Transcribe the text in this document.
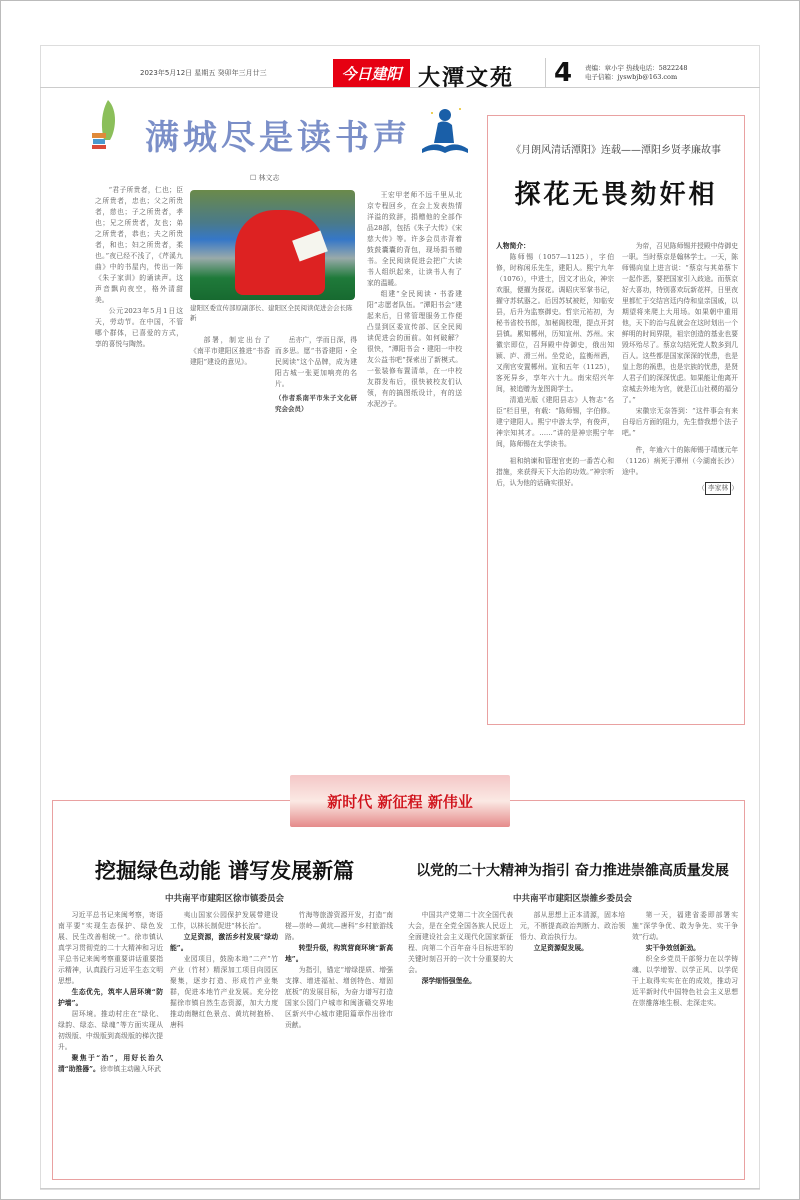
2023年5月12日 星期五 癸卯年三月廿三	今日建阳 大潭文苑	4 责编：章小宇 热线电话：5822248
电子信箱：jyswbjb@163.com
满城尽是读书声
☐ 林文志

“君子所贵者，仁也；臣之所贵者，忠也；父之所贵者，慈也；子之所贵者，孝也；兄之所贵者，友也；弟之所贵者，恭也；夫之所贵者，和也；妇之所贵者，柔也。”夜已经不浅了，《芹溪九曲》中的书屋内，传出一阵《朱子家训》的诵读声。这声音飘向夜空，格外清甜美。

公元2023年5月1日这天，劳动节。在中国，不管哪个群体，已喜爱的方式，享的喜悦与陶然。

建阳区委宣传部原副部长、建阳区全民阅读促进会会长陈新

部署，制定出台了《南平市建阳区推进“书香建阳”建设的意见》。

岳亦广，学而日深，得而多思。愿“书香建阳・全民阅读”这个品牌，成为建阳古城一张更加响亮的名片。

（作者系南平市朱子文化研究会会员）

王宏甲老师不远千里从北京专程回乡，在会上发表热情洋溢的致辞，捐赠他的全部作品28部，包括《朱子大传》《宋慈大传》等。许多会员亦背着鼓鼓囊囊的背包，现场捐书赠书。全民阅读促进会把广大读书人组织起来，让读书人有了家的温暖。

组建“全民阅读・书香建阳”志愿者队伍。“潭阳书会”建起来后，日常管理服务工作便凸显到区委宣传部、区全民阅读促进会的面前。如何破解？很快，“潭阳书会・建阳一中校友公益书吧”探索出了新模式。一张装修布置清单，在一中校友群发布后，很快被校友们认领，有的搞图纸设计，有的送水泥沙子。

《月朗风清话潭阳》连载——潭阳乡贤孝廉故事
探花无畏劾奸相
人物简介：

陈师锡（1057—1125），字伯修，时称闲乐先生，建阳人。熙宁九年（1076），中进士，因文才出众，神宗欢服，便擢为探花。调昭庆军掌书记，擢守苏轼器之。后因苏轼被贬，知临安县，后升为监察御史。哲宗元祐初，为秘书省校书郎，加秘阁校理，提点开封县镇。累知郴州，历知宣州、苏州。宋徽宗即位，召拜殿中侍御史，俄出知颍、庐、滑三州。坐党论，监衡州酒，又削官安置郴州。宣和五年（1125），客死异乡，享年六十九。南宋绍兴年间，被追赠为龙图阁学士。

清道光版《建阳县志》人物志“名臣”栏目里，有载：“陈师锡，字伯修。建宁建阳人。熙宁中游太学，有俊声，神宗知其才。……”讲的是神宗熙宁年间，陈师锡在太学读书。

祖和纳谏和管理官吏的一番苦心和措施，来获得天下大治的功效。”神宗听后，认为他的话确实很好。

为帝，召见陈师锡并授殿中侍御史一职。当时蔡京是翰林学士。一天，陈师锡向皇上进言说：“蔡京与其弟蔡卞一起作恶，要把国家引入歧途。而蔡京好大喜功，特别喜欢玩新花样，日里夜里都忙于交结宫廷内侍和皇亲国戚，以期望将来爬上大用场。如果朝中重用他，天下的治与乱就会在这时划出一个鲜明的时间界限，祖宗创造的基业也要毁坏殆尽了。蔡京勾结死党人数多到几百人。这些都是国家深深的忧患，也是皇上您的祸患，也是宗族的忧患，是贤人君子们的深深忧虑。如果能让他离开京城去外地为官，就是江山社稷的福分了。”

宋徽宗无奈答到：“这件事会有来自母后方面的阻力，先生替我想个法子吧。”

件，年逾六十的陈师锡于靖康元年（1126）病死于潭州（今湖南长沙）途中。

（ 李家林 ）
新时代 新征程 新伟业
挖掘绿色动能 谱写发展新篇
中共南平市建阳区徐市镇委员会

习近平总书记来闽考察，寄语南平要“实现生态保护、绿色发展、民生改善相统一”。徐市镇认真学习贯彻党的二十大精神和习近平总书记来闽考察重要讲话重要指示精神，认真践行习近平生态文明思想。

生态优先，筑牢人居环境“防护墙”。

居环境。推动村庄在“绿化、绿韵、绿态、绿魂”等方面实现从初级版、中级版到高级版的梯次提升。

聚焦于“治”，用好长治久清“助推器”。徐市镇主动融入环武

夷山国家公园保护发展带建设工作，以林长制促进“林长治”。

立足资源，激活乡村发展“绿动能”。

业园项目，鼓励本地“二产”竹产业（竹材）精深加工项目向园区聚集，逐步打造、形成竹产业集群，促进本地竹产业发展。充分挖掘徐市镇自然生态资源，加大力度推动南糖红色景点、黄坑树抱桥、唐科

竹海等旅游资源开发，打造“南槎—崇岭—黄坑—唐科”乡村旅游线路。

转型升级，构筑营商环境“新高地”。

为指引，锚定“增绿提质、增强支撑、增进福祉、增创特色、增固底板”的发展目标，为奋力谱写打造国家公园门户城市和闽浙赣交界地区新兴中心城市建阳篇章作出徐市贡献。

以党的二十大精神为指引 奋力推进崇雒高质量发展
中共南平市建阳区崇雒乡委员会

中国共产党第二十次全国代表大会，是在全党全国各族人民迈上全面建设社会主义现代化国家新征程、向第二个百年奋斗目标进军的关键时刻召开的一次十分重要的大会。

深学细悟强堡垒。

部从思想上正本清源，固本培元，不断提高政治判断力、政治领悟力、政治执行力。

立足资源促发展。

第一天，福建省委即部署实施“深学争优、敢为争先、实干争效”行动。

实干争效创新劲。

织全乡党员干部努力在以学铸魂、以学增智、以学正风、以学促干上取得实实在在的成效，推动习近平新时代中国特色社会主义思想在崇雒落地生根、走深走实。
